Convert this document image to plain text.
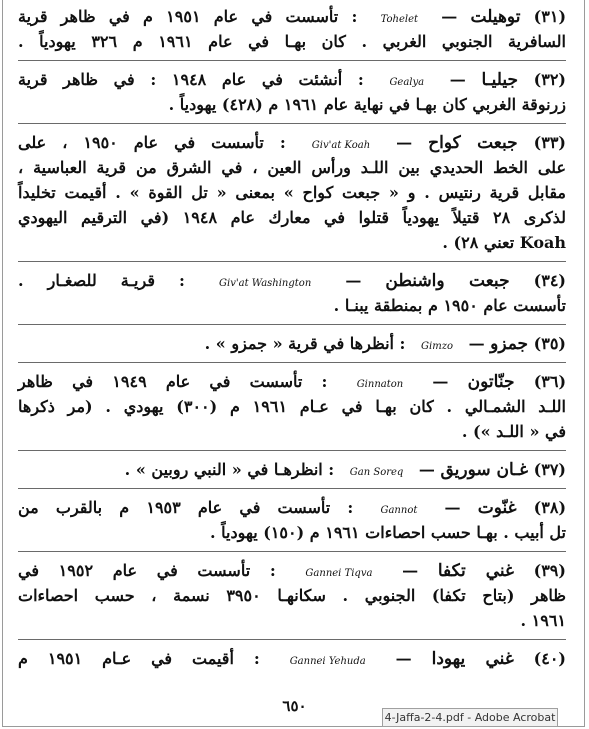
(٣١) توهيلت — Tohelet : تأسست في عام ١٩٥١ م في ظاهر قرية
السافرية الجنوبي الغربي . كان بهـا في عام ١٩٦١ م ٣٢٦ يهودياً .
(٣٢) جيليـا — Gealya : أنشئت في عام ١٩٤٨ : في ظاهر قرية
زرنوقة الغربي كان بهـا في نهاية عام ١٩٦١ م (٤٢٨) يهودياً .
(٣٣) جبعت كواح — Giv'at Koah : تأسست في عام ١٩٥٠ ، على
على الخط الحديدي بين اللـد ورأس العين ، في الشرق من قرية العباسية ،
مقابل قرية رنتيس . و « جبعت كواح » بمعنى « تل القوة » . أقيمت تخليداً
لذكرى ٢٨ قتيلاً يهودياً قتلوا في معارك عام ١٩٤٨ (في الترقيم اليهودي
Koah تعني ٢٨) .
(٣٤) جبعت واشنطن — Giv'at Washington : قريـة للصغـار .
تأسست عام ١٩٥٠ م بمنطقة يبنـا .
(٣٥) جمزو — Gimzo : أنظرها في قرية « جمزو » .
(٣٦) جنّاتون — Ginnaton : تأسست في عام ١٩٤٩ في ظاهر
اللـد الشمـالي . كان بهـا في عـام ١٩٦١ م (٣٠٠) يهودي . (مر ذكرها
في « اللـد ») .
(٣٧) غـان سوريق — Gan Soreq : انظرهـا في « النبي روبين » .
(٣٨) غنّوت — Gannot : تأسست في عام ١٩٥٣ م بالقرب من
تل أبيب . بهـا حسب احصاءات ١٩٦١ م (١٥٠) يهودياً .
(٣٩) غني تكفا — Gannei Tiqva : تأسست في عام ١٩٥٢ في
ظاهر (بتاح تكفا) الجنوبي . سكانهـا ٣٩٥٠ نسمة ، حسب احصاءات
١٩٦١ .
(٤٠) غني يهودا — Gannei Yehuda : أقيمت في عـام ١٩٥١ م
٦٥٠
4-Jaffa-2-4.pdf - Adobe Acrobat
